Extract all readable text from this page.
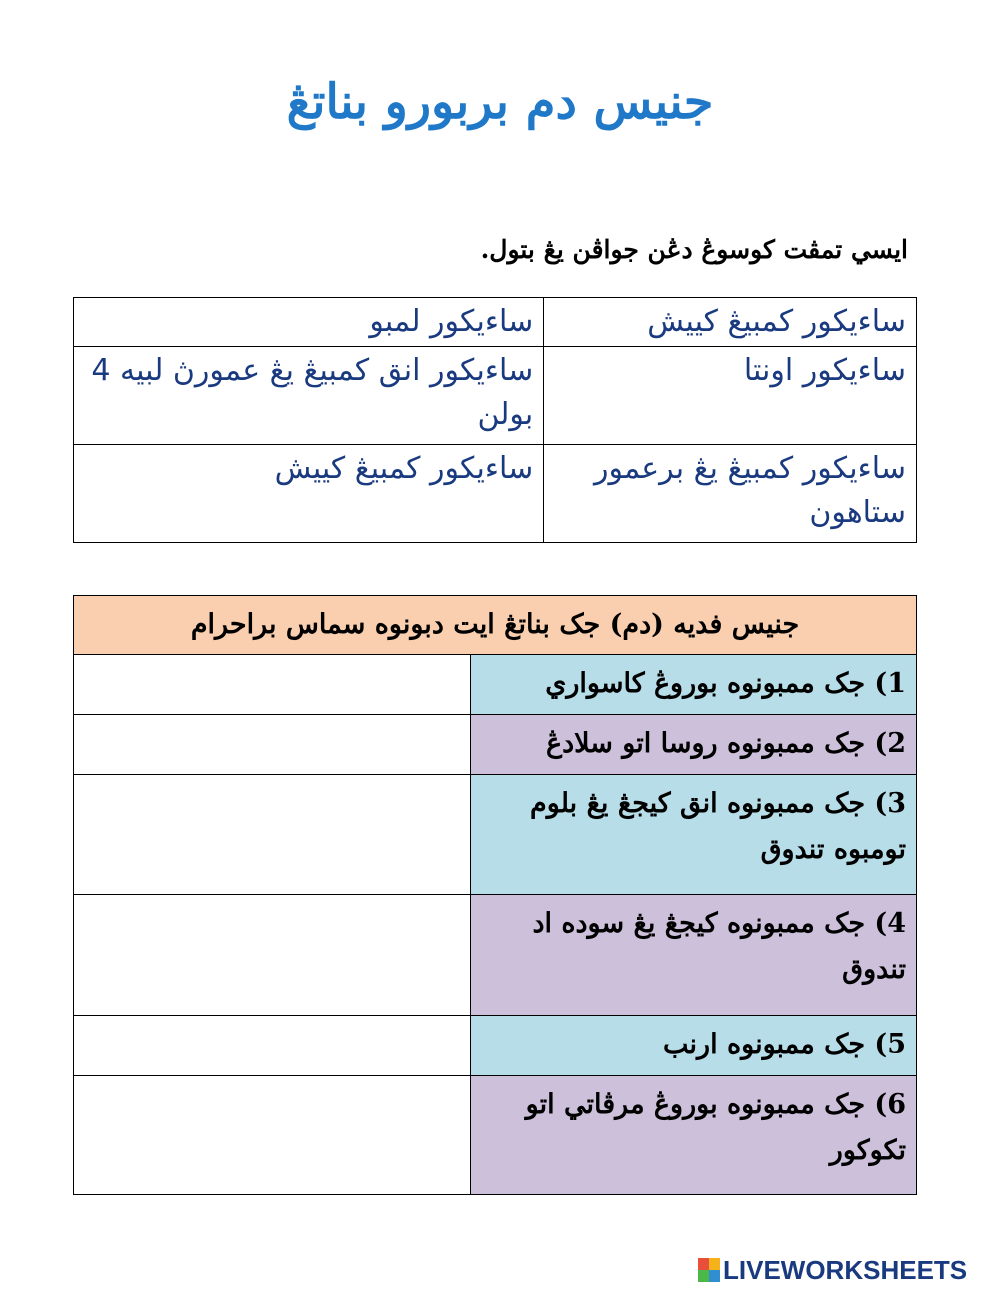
جنيس دم بربورو بناتڠ
ايسي تمڤت کوسوڠ دڠن جواڤن يڠ بتول.
ساءيکور کمبيڠ کييش	ساءيکور لمبو
ساءيکور اونتا	ساءيکور انق کمبيڠ يڠ عمورڽ لبيه 4 بولن
ساءيکور کمبيڠ يڠ برعمور ستاهون	ساءيکور کمبيڠ کييش
جنيس فديه (دم) جک بناتڠ ايت دبونوه سماس براحرام	
1) جک ممبونوه بوروڠ کاسواري	
2) جک ممبونوه روسا اتو سلادڠ	
3) جک ممبونوه انق کيجڠ يڠ بلوم تومبوه تندوق	
4) جک ممبونوه کيجڠ يڠ سوده اد تندوق	
5) جک ممبونوه ارنب	
6) جک ممبونوه بوروڠ مرڤاتي اتو تکوکور	
LIVEWORKSHEETS
